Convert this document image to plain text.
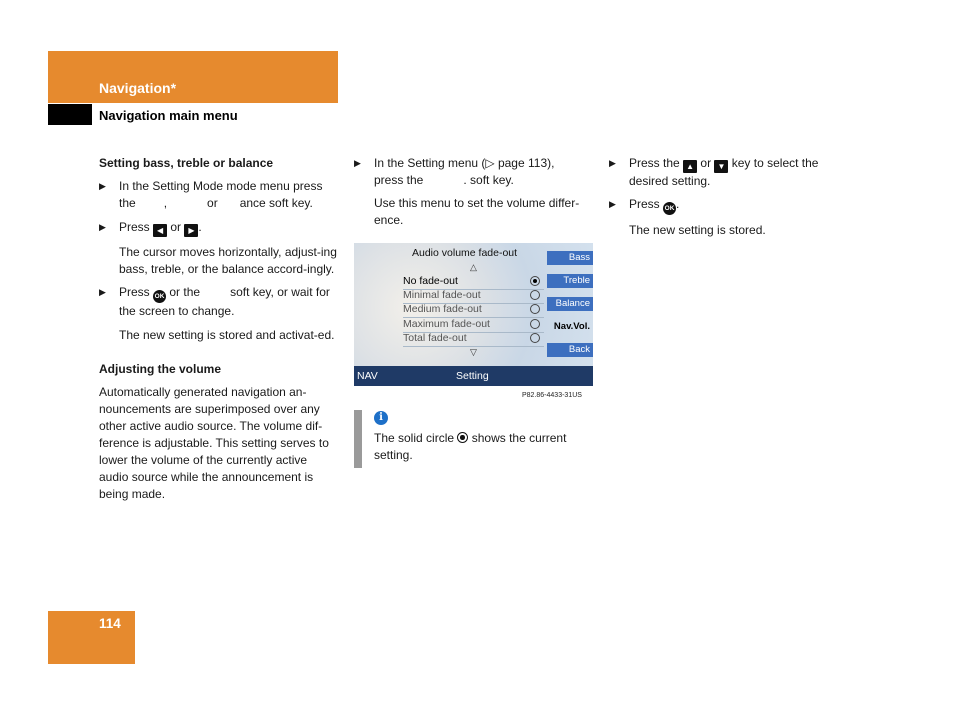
Navigation*
Navigation main menu

Setting bass, treble or balance

▶ In the Setting Mode mode menu press

the ,	or ance soft key.

▶ Press ◀ or ▶ .

The cursor moves horizontally, adjust-ing bass, treble, or the balance accord-ingly.

▶ Press OK or the	soft key, or wait for

the screen to change.

The new setting is stored and activat-ed.

Adjusting the volume

Automatically generated navigation an-nouncements are superimposed over any other active audio source. The volume dif-ference is adjustable. This setting serves to lower the volume of the currently active audio source while the announcement is being made.

▶ In the Setting menu (▷ page 113),

press the	. soft key.

Use this menu to set the volume differ-ence.

Audio volume fade-out
△
No fade-out
Minimal fade-out
Medium fade-out
Maximum fade-out
Total fade-out
▽
Bass
Treble
Balance
Nav.Vol.
Back
NAV	Setting
P82.86-4433-31US
i

The solid circle shows the current setting.

▶ Press the ▲ or ▼ key to select the

desired setting.

▶ Press OK .

The new setting is stored.

114
